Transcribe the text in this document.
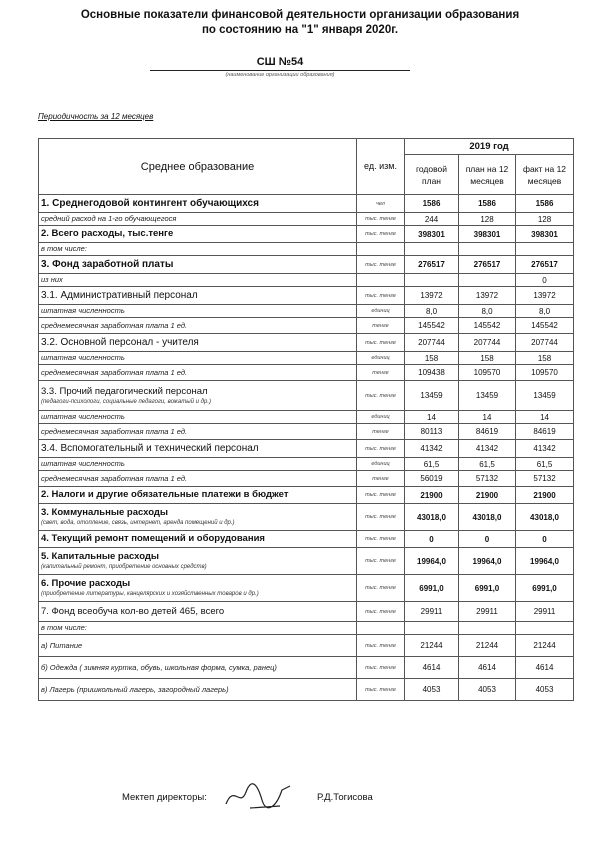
Основные показатели финансовой деятельности организации образования
по состоянию на "1" января 2020г.
СШ №54
(наименование организации образования)
Периодичность за 12 месяцев
Среднее образование	ед. изм.	2019 год		
		годовой план	план на 12 месяцев	факт на 12 месяцев

1. Среднегодовой контингент обучающихся	чел	1586	1586	1586

средний расход на 1-го обучающегося	тыс. тенге	244	128	128

2. Всего расходы, тыс.тенге	тыс. тенге	398301	398301	398301

в том числе:				

3. Фонд заработной платы	тыс. тенге	276517	276517	276517

из них				0

3.1. Административный персонал	тыс. тенге	13972	13972	13972

штатная численность	единиц	8,0	8,0	8,0

среднемесячная заработная плата 1 ед.	тенге	145542	145542	145542

3.2. Основной персонал - учителя	тыс. тенге	207744	207744	207744

штатная численность	единиц	158	158	158

среднемесячная заработная плата 1 ед.	тенге	109438	109570	109570

3.3. Прочий педагогический персонал
(педагоги-психологи, социальные педагоги, вожатый и др.)	тыс. тенге	13459	13459	13459

штатная численность	единиц	14	14	14

среднемесячная заработная плата 1 ед.	тенге	80113	84619	84619

3.4. Вспомогательный и технический персонал	тыс. тенге	41342	41342	41342

штатная численность	единиц	61,5	61,5	61,5

среднемесячная заработная плата 1 ед.	тенге	56019	57132	57132

2. Налоги и другие обязательные платежи в бюджет	тыс. тенге	21900	21900	21900

3. Коммунальные расходы
(свет, вода, отопление, связь, интернет, аренда помещений и др.)	тыс. тенге	43018,0	43018,0	43018,0

4. Текущий ремонт помещений и оборудования	тыс. тенге	0	0	0

5. Капитальные расходы
(капитальный ремонт, приобретение основных средств)	тыс. тенге	19964,0	19964,0	19964,0

6. Прочие расходы
(приобретение литературы, канцелярских и хозяйственных товаров и др.)	тыс. тенге	6991,0	6991,0	6991,0

7. Фонд всеобуча кол-во детей 465, всего	тыс. тенге	29911	29911	29911

в том числе:				

а) Питание	тыс. тенге	21244	21244	21244

б) Одежда ( зимняя куртка, обувь, школьная форма, сумка, ранец)	тыс. тенге	4614	4614	4614

в) Лагерь (пришкольный лагерь, загородный лагерь)	тыс. тенге	4053	4053	4053
Мектеп директоры:	Р.Д.Тогисова
